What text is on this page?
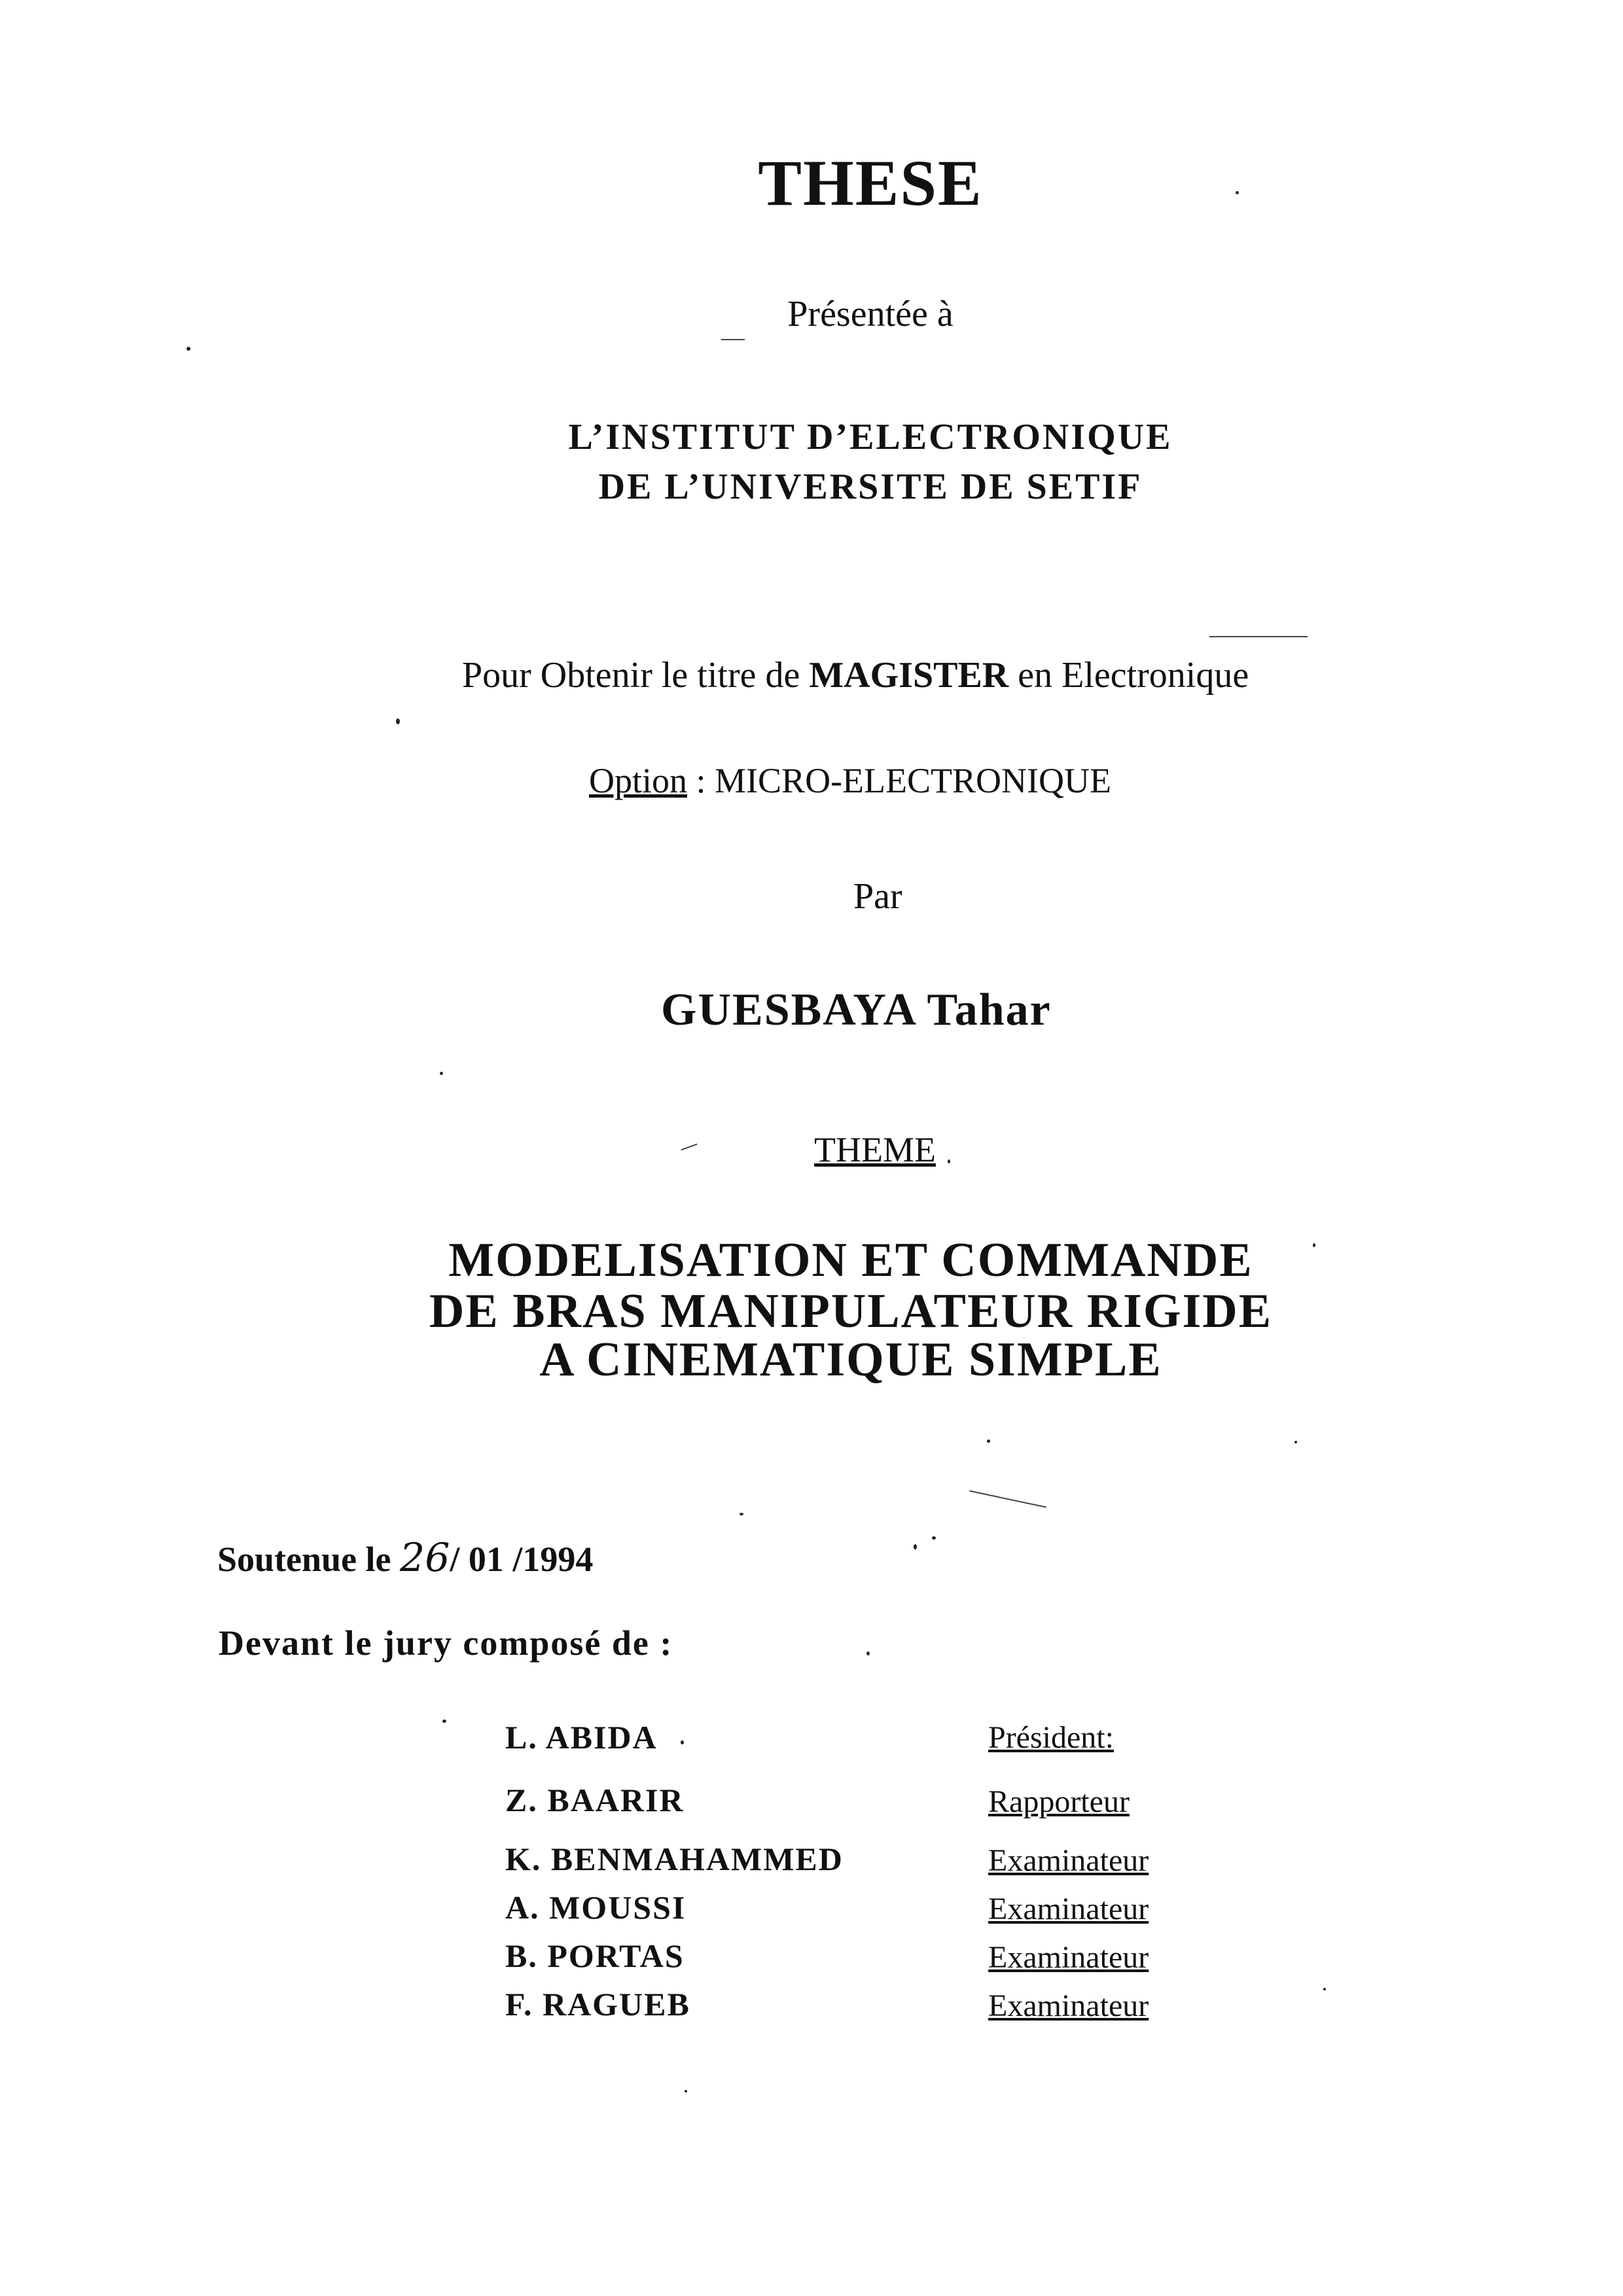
THESE
Présentée à
L’INSTITUT D’ELECTRONIQUE
DE L’UNIVERSITE DE SETIF
Pour Obtenir le titre de MAGISTER en Electronique
Option : MICRO-ELECTRONIQUE
Par
GUESBAYA Tahar
THEME
MODELISATION ET COMMANDE
DE BRAS MANIPULATEUR RIGIDE
A CINEMATIQUE SIMPLE
Soutenue le 26/ 01 /1994
Devant le jury composé de :
L. ABIDA	Président:
Z. BAARIR	Rapporteur
K. BENMAHAMMED	Examinateur
A. MOUSSI	Examinateur
B. PORTAS	Examinateur
F. RAGUEB	Examinateur
